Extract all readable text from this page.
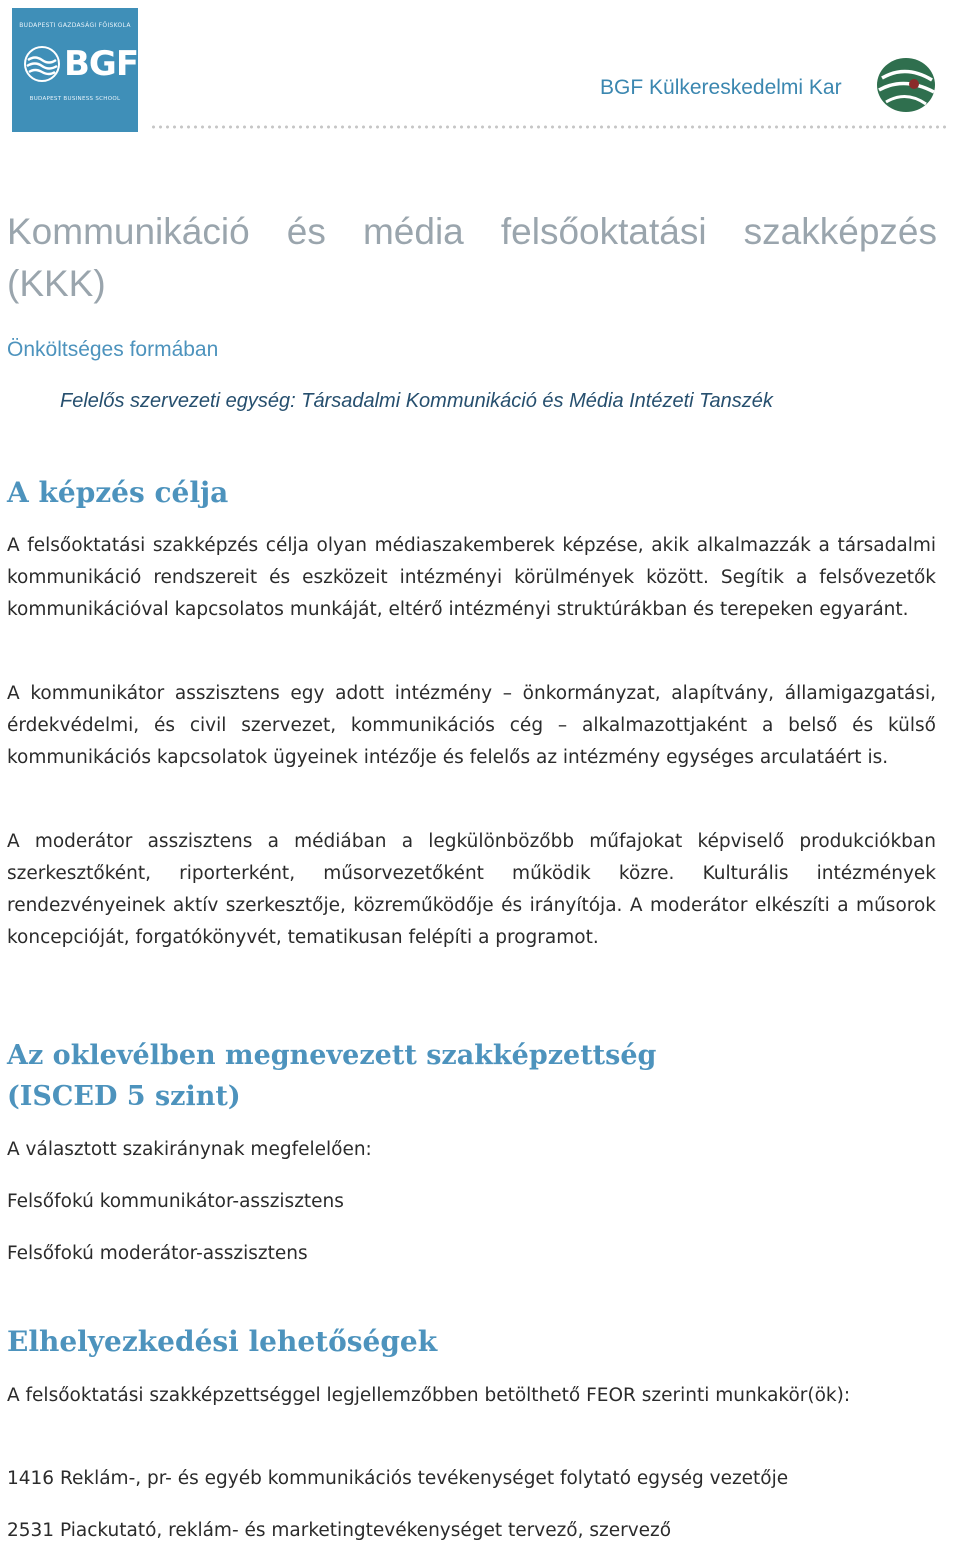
BUDAPESTI GAZDASÁGI FŐISKOLA
BGF
BUDAPEST BUSINESS SCHOOL	BGF Külkereskedelmi Kar
Kommunikáció és média felsőoktatási szakképzés (KKK)
Önköltséges formában
Felelős szervezeti egység: Társadalmi Kommunikáció és Média Intézeti Tanszék
A képzés célja

A felsőoktatási szakképzés célja olyan médiaszakemberek képzése, akik alkalmazzák a társadalmi kommunikáció rendszereit és eszközeit intézményi körülmények között. Segítik a felsővezetők kommunikációval kapcsolatos munkáját, eltérő intézményi struktúrákban és terepeken egyaránt.

A kommunikátor asszisztens egy adott intézmény – önkormányzat, alapítvány, államigazgatási, érdekvédelmi, és civil szervezet, kommunikációs cég – alkalmazottjaként a belső és külső kommunikációs kapcsolatok ügyeinek intézője és felelős az intézmény egységes arculatáért is.

A moderátor asszisztens a médiában a legkülönbözőbb műfajokat képviselő produkciókban szerkesztőként, riporterként, műsorvezetőként működik közre. Kulturális intézmények rendezvényeinek aktív szerkesztője, közreműködője és irányítója. A moderátor elkészíti a műsorok koncepcióját, forgatókönyvét, tematikusan felépíti a programot.

Az oklevélben megnevezett szakképzettség
(ISCED 5 szint)
A választott szakiránynak megfelelően:
Felsőfokú kommunikátor-asszisztens
Felsőfokú moderátor-asszisztens
Elhelyezkedési lehetőségek

A felsőoktatási szakképzettséggel legjellemzőbben betölthető FEOR szerinti munkakör(ök):

1416 Reklám-, pr- és egyéb kommunikációs tevékenységet folytató egység vezetője
2531 Piackutató, reklám- és marketingtevékenységet tervező, szervező
